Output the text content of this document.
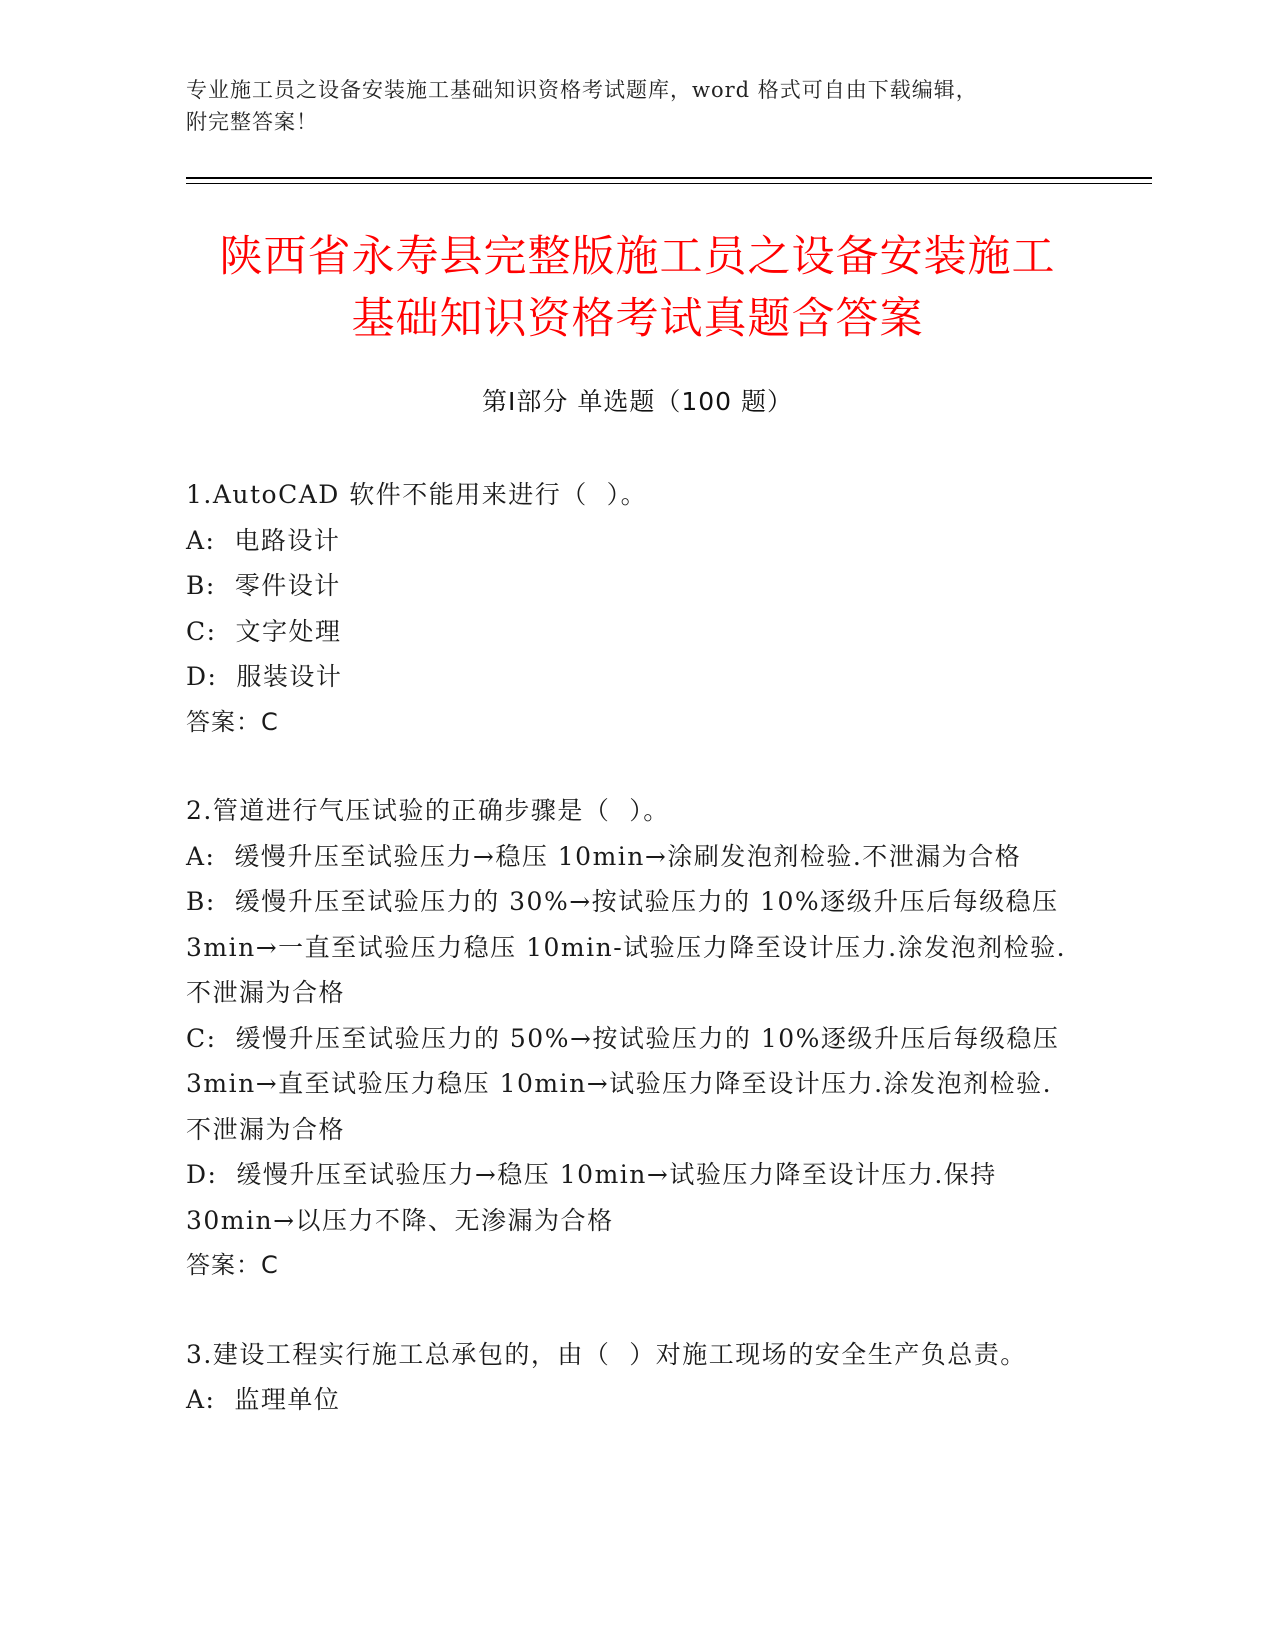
专业施工员之设备安装施工基础知识资格考试题库，word 格式可自由下载编辑，
附完整答案！
陕西省永寿县完整版施工员之设备安装施工
基础知识资格考试真题含答案
第Ⅰ部分 单选题（100 题）

1.AutoCAD 软件不能用来进行（  ）。

A:  电路设计

B:  零件设计

C:  文字处理

D:  服装设计

答案：C

2.管道进行气压试验的正确步骤是（  ）。

A:  缓慢升压至试验压力→稳压 10min→涂刷发泡剂检验.不泄漏为合格

B:  缓慢升压至试验压力的 30%→按试验压力的 10%逐级升压后每级稳压 3min→一直至试验压力稳压 10min-试验压力降至设计压力.涂发泡剂检验.不泄漏为合格

C:  缓慢升压至试验压力的 50%→按试验压力的 10%逐级升压后每级稳压 3min→直至试验压力稳压 10min→试验压力降至设计压力.涂发泡剂检验.不泄漏为合格

D:  缓慢升压至试验压力→稳压 10min→试验压力降至设计压力.保持 30min→以压力不降、无渗漏为合格

答案：C

3.建设工程实行施工总承包的，由（  ）对施工现场的安全生产负总责。

A:  监理单位
